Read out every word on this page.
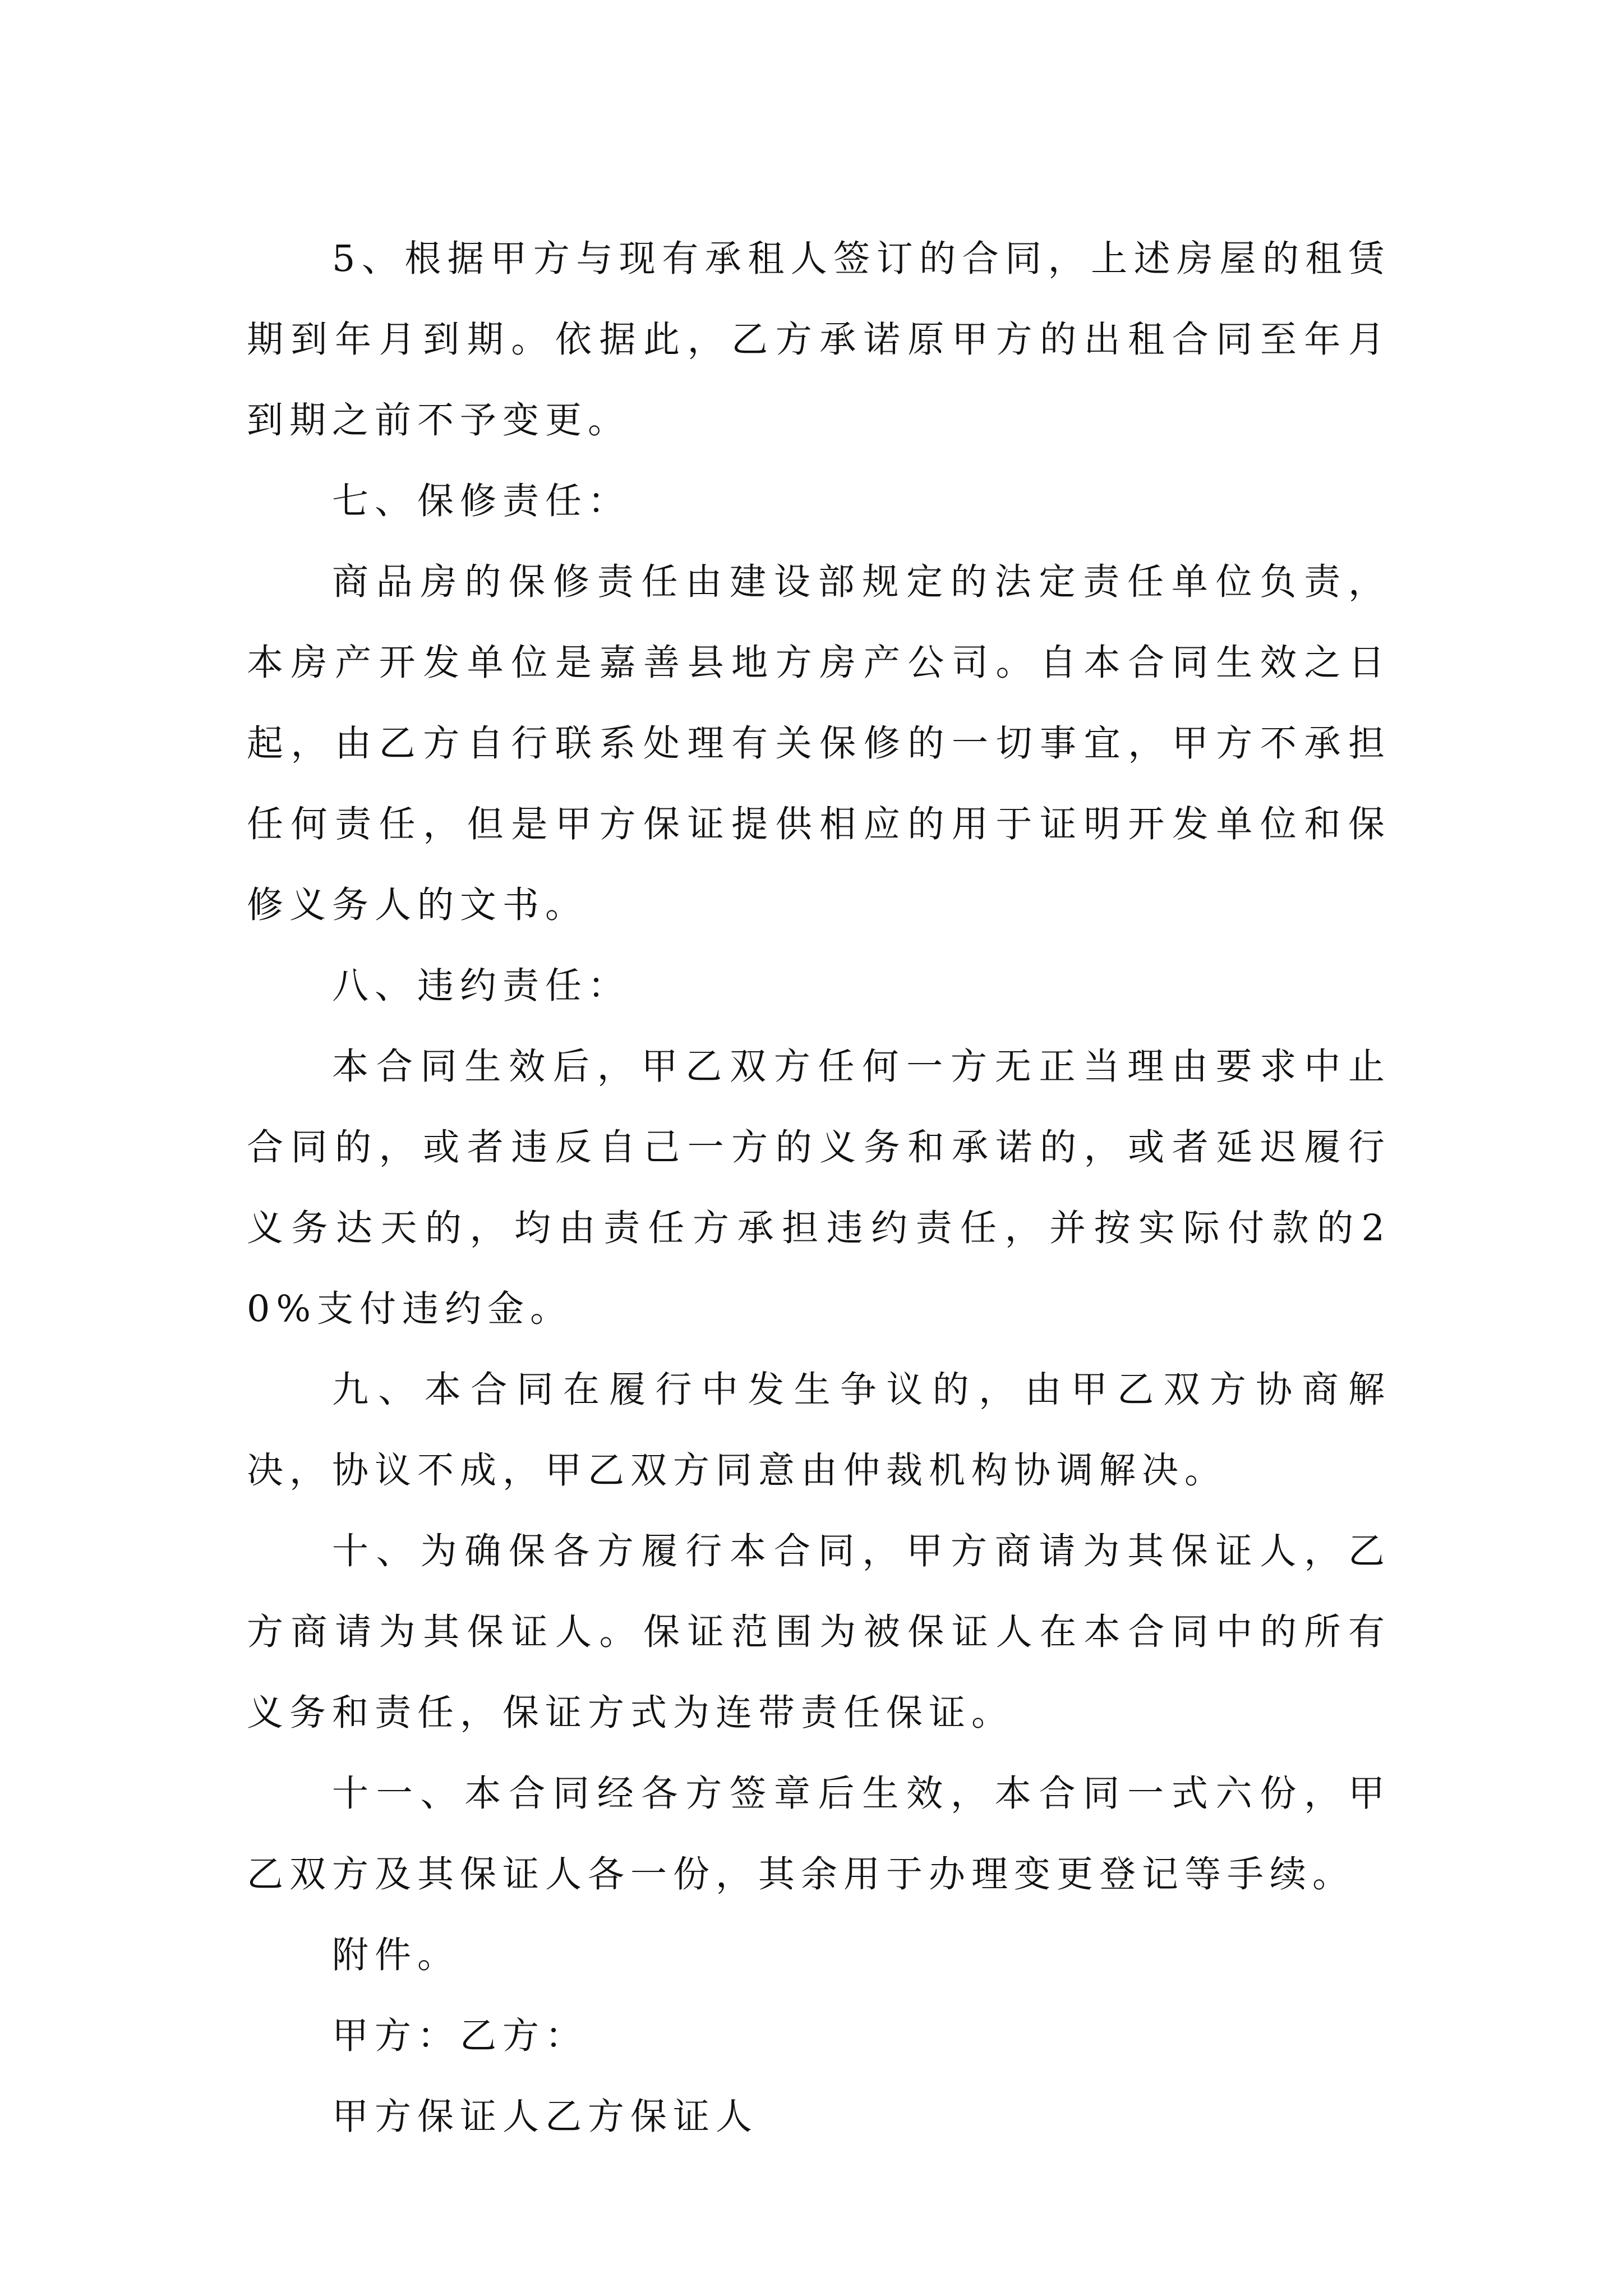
5、根据甲方与现有承租人签订的合同，上述房屋的租赁期到年月到期。依据此，乙方承诺原甲方的出租合同至年月到期之前不予变更。

七、保修责任：

商品房的保修责任由建设部规定的法定责任单位负责，本房产开发单位是嘉善县地方房产公司。自本合同生效之日起，由乙方自行联系处理有关保修的一切事宜，甲方不承担任何责任，但是甲方保证提供相应的用于证明开发单位和保修义务人的文书。

八、违约责任：

本合同生效后，甲乙双方任何一方无正当理由要求中止合同的，或者违反自己一方的义务和承诺的，或者延迟履行义务达天的，均由责任方承担违约责任，并按实际付款的20%支付违约金。

九、本合同在履行中发生争议的，由甲乙双方协商解决，协议不成，甲乙双方同意由仲裁机构协调解决。

十、为确保各方履行本合同，甲方商请为其保证人，乙方商请为其保证人。保证范围为被保证人在本合同中的所有义务和责任，保证方式为连带责任保证。

十一、本合同经各方签章后生效，本合同一式六份，甲乙双方及其保证人各一份，其余用于办理变更登记等手续。

附件。

甲方：乙方：

甲方保证人乙方保证人
